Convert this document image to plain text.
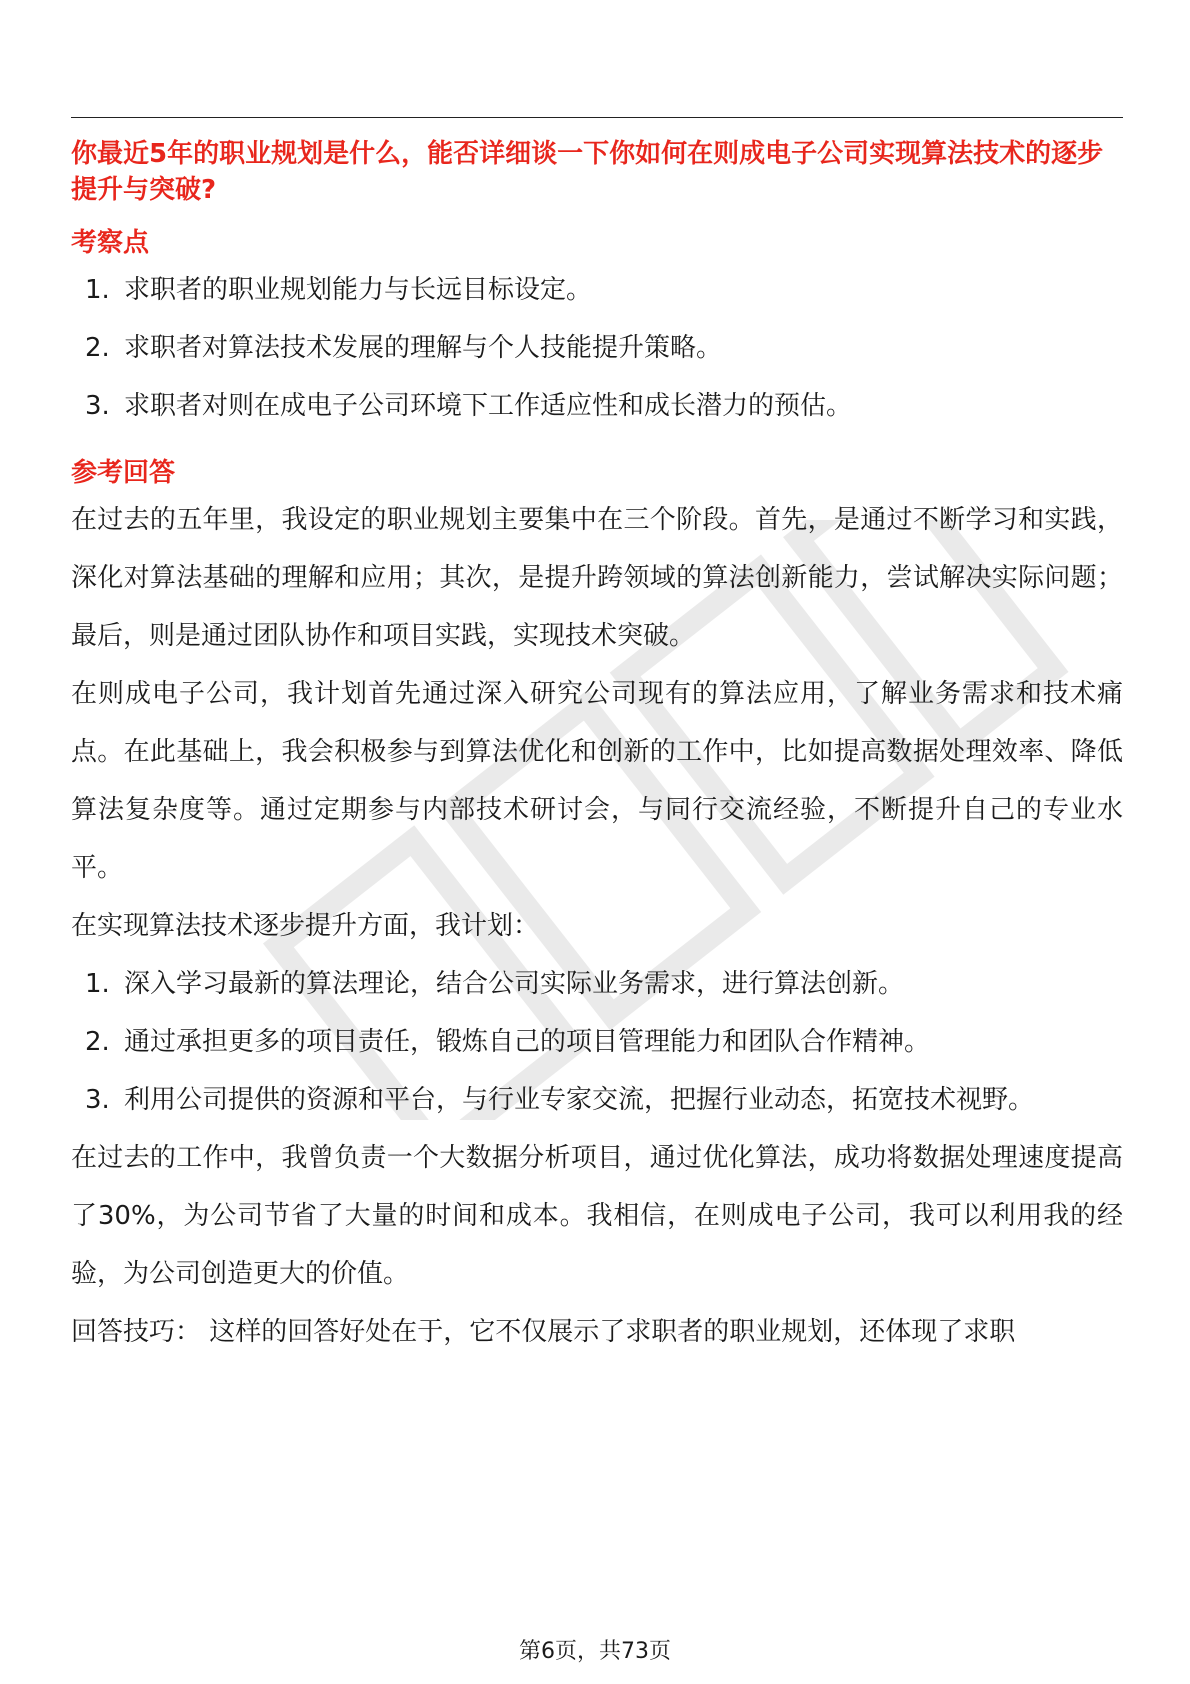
你最近5年的职业规划是什么，能否详细谈一下你如何在则成电子公司实现算法技术的逐步提升与突破?
考察点
1. 求职者的职业规划能力与长远目标设定。
2. 求职者对算法技术发展的理解与个人技能提升策略。
3. 求职者对则在成电子公司环境下工作适应性和成长潜力的预估。
参考回答

在过去的五年里，我设定的职业规划主要集中在三个阶段。首先，是通过不断学习和实践，深化对算法基础的理解和应用；其次，是提升跨领域的算法创新能力，尝试解决实际问题；最后，则是通过团队协作和项目实践，实现技术突破。

在则成电子公司，我计划首先通过深入研究公司现有的算法应用，了解业务需求和技术痛点。在此基础上，我会积极参与到算法优化和创新的工作中，比如提高数据处理效率、降低算法复杂度等。通过定期参与内部技术研讨会，与同行交流经验，不断提升自己的专业水平。

在实现算法技术逐步提升方面，我计划：

1. 深入学习最新的算法理论，结合公司实际业务需求，进行算法创新。
2. 通过承担更多的项目责任，锻炼自己的项目管理能力和团队合作精神。
3. 利用公司提供的资源和平台，与行业专家交流，把握行业动态，拓宽技术视野。

在过去的工作中，我曾负责一个大数据分析项目，通过优化算法，成功将数据处理速度提高了30%，为公司节省了大量的时间和成本。我相信，在则成电子公司，我可以利用我的经验，为公司创造更大的价值。

回答技巧： 这样的回答好处在于，它不仅展示了求职者的职业规划，还体现了求职

第6页，共73页
